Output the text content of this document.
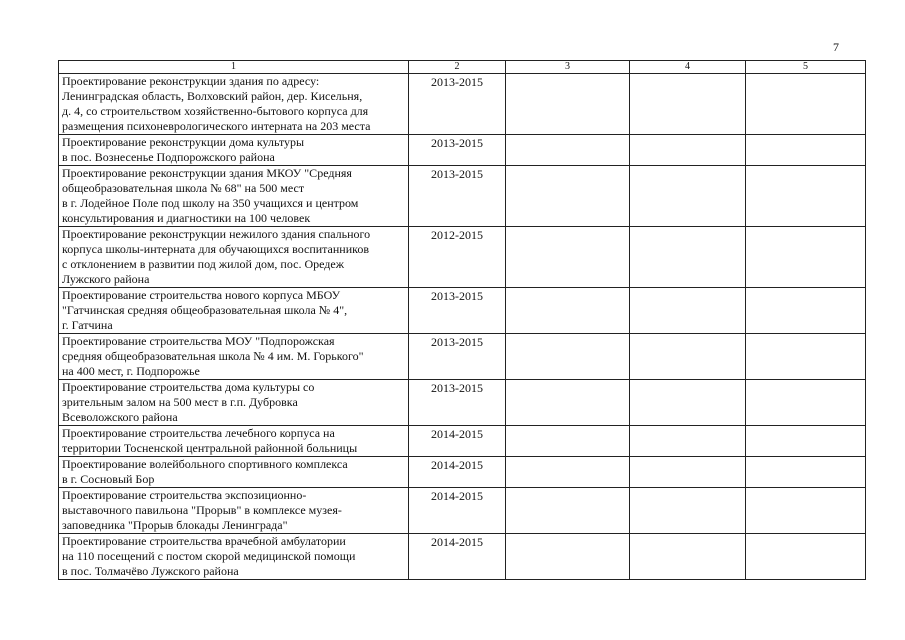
7
1	2	3	4	5

Проектирование реконструкции здания по адресу:
Ленинградская область, Волховский район, дер. Кисельня,
д. 4, со строительством хозяйственно-бытового корпуса для
размещения психоневрологического интерната на 203 места	2013-2015			

Проектирование реконструкции дома культуры
в пос. Вознесенье Подпорожского района	2013-2015			

Проектирование реконструкции здания МКОУ "Средняя
общеобразовательная школа № 68" на 500 мест
в г. Лодейное Поле под школу на 350 учащихся и центром
консультирования и диагностики на 100 человек	2013-2015			

Проектирование реконструкции нежилого здания спального
корпуса школы-интерната для обучающихся воспитанников
с отклонением в развитии под жилой дом, пос. Оредеж
Лужского района	2012-2015			

Проектирование строительства нового корпуса МБОУ
"Гатчинская средняя общеобразовательная школа № 4",
г. Гатчина	2013-2015			

Проектирование строительства МОУ "Подпорожская
средняя общеобразовательная школа № 4 им. М. Горького"
на 400 мест, г. Подпорожье	2013-2015			

Проектирование строительства дома культуры со
зрительным залом на 500 мест в г.п. Дубровка
Всеволожского района	2013-2015			

Проектирование строительства лечебного корпуса на
территории Тосненской центральной районной больницы	2014-2015			

Проектирование волейбольного спортивного комплекса
в г. Сосновый Бор	2014-2015			

Проектирование строительства экспозиционно-
выставочного павильона "Прорыв" в комплексе музея-
заповедника "Прорыв блокады Ленинграда"	2014-2015			

Проектирование строительства врачебной амбулатории
на 110 посещений с постом скорой медицинской помощи
в пос. Толмачёво Лужского района	2014-2015			
